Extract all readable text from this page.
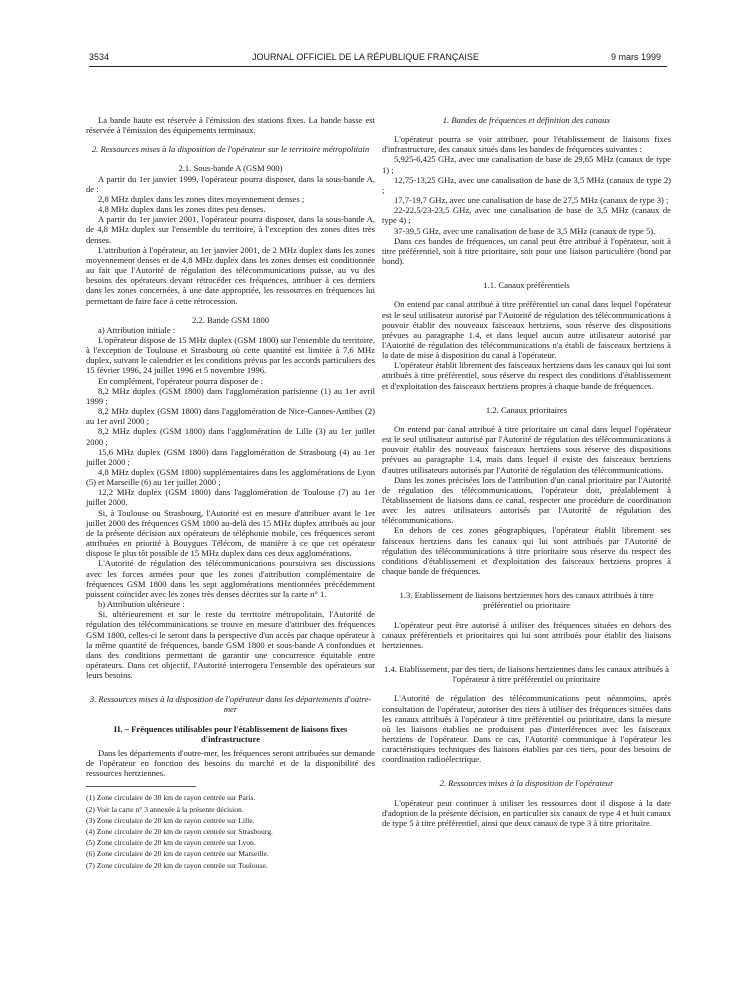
3534	JOURNAL OFFICIEL DE LA RÉPUBLIQUE FRANÇAISE	9 mars 1999

La bande haute est réservée à l'émission des stations fixes. La bande basse est réservée à l'émission des équipements terminaux.

2. Ressources mises à la disposition de l'opérateur sur le territoire métropolitain

2.1. Sous-bande A (GSM 900)

A partir du 1er janvier 1999, l'opérateur pourra disposer, dans la sous-bande A, de :

2,8 MHz duplex dans les zones dites moyennement denses ;

4,8 MHz duplex dans les zones dites peu denses.

A partir du 1er janvier 2001, l'opérateur pourra disposer, dans la sous-bande A, de 4,8 MHz duplex sur l'ensemble du territoire, à l'exception des zones dites très denses.

L'attribution à l'opérateur, au 1er janvier 2001, de 2 MHz duplex dans les zones moyennement denses et de 4,8 MHz duplex dans les zones denses est conditionnée au fait que l'Autorité de régulation des télécommunications puisse, au vu des besoins des opérateurs devant rétrocéder ces fréquences, attribuer à ces derniers dans les zones concernées, à une date appropriée, les ressources en fréquences lui permettant de faire face à cette rétrocession.

2.2. Bande GSM 1800

a) Attribution initiale :

L'opérateur dispose de 15 MHz duplex (GSM 1800) sur l'ensemble du territoire, à l'exception de Toulouse et Strasbourg où cette quantité est limitée à 7,6 MHz duplex, suivant le calendrier et les conditions prévus par les accords particuliers des 15 février 1996, 24 juillet 1996 et 5 novembre 1996.

En complément, l'opérateur pourra disposer de :

8,2 MHz duplex (GSM 1800) dans l'agglomération parisienne (1) au 1er avril 1999 ;

8,2 MHz duplex (GSM 1800) dans l'agglomération de Nice-Cannes-Antibes (2) au 1er avril 2000 ;

8,2 MHz duplex (GSM 1800) dans l'agglomération de Lille (3) au 1er juillet 2000 ;

15,6 MHz duplex (GSM 1800) dans l'agglomération de Strasbourg (4) au 1er juillet 2000 ;

4,8 MHz duplex (GSM 1800) supplémentaires dans les agglomérations de Lyon (5) et Marseille (6) au 1er juillet 2000 ;

12,2 MHz duplex (GSM 1800) dans l'agglomération de Toulouse (7) au 1er juillet 2000.

Si, à Toulouse ou Strasbourg, l'Autorité est en mesure d'attribuer avant le 1er juillet 2000 des fréquences GSM 1800 au-delà des 15 MHz duplex attribués au jour de la présente décision aux opérateurs de téléphonie mobile, ces fréquences seront attribuées en priorité à Bouygues Télécom, de manière à ce que cet opérateur dispose le plus tôt possible de 15 MHz duplex dans ces deux agglomérations.

L'Autorité de régulation des télécommunications poursuivra ses discussions avec les forces armées pour que les zones d'attribution complémentaire de fréquences GSM 1800 dans les sept agglomérations mentionnées précédemment puissent coïncider avec les zones très denses décrites sur la carte n° 1.

b) Attribution ultérieure :

Si, ultérieurement et sur le reste du territoire métropolitain, l'Autorité de régulation des télécommunications se trouve en mesure d'attribuer des fréquences GSM 1800, celles-ci le seront dans la perspective d'un accès par chaque opérateur à la même quantité de fréquences, bande GSM 1800 et sous-bande A confondues et dans des conditions permettant de garantir une concurrence équitable entre opérateurs. Dans cet objectif, l'Autorité interrogera l'ensemble des opérateurs sur leurs besoins.

3. Ressources mises à la disposition de l'opérateur dans les départements d'outre-mer

II. – Fréquences utilisables pour l'établissement de liaisons fixes d'infrastructure

Dans les départements d'outre-mer, les fréquences seront attribuées sur demande de l'opérateur en fonction des besoins du marché et de la disponibilité des ressources hertziennes.

(1) Zone circulaire de 30 km de rayon centrée sur Paris.

(2) Voir la carte n° 3 annexée à la présente décision.

(3) Zone circulaire de 20 km de rayon centrée sur Lille.

(4) Zone circulaire de 20 km de rayon centrée sur Strasbourg.

(5) Zone circulaire de 20 km de rayon centrée sur Lyon.

(6) Zone circulaire de 20 km de rayon centrée sur Marseille.

(7) Zone circulaire de 20 km de rayon centrée sur Toulouse.

1. Bandes de fréquences et définition des canaux

L'opérateur pourra se voir attribuer, pour l'établissement de liaisons fixes d'infrastructure, des canaux situés dans les bandes de fréquences suivantes :

5,925-6,425 GHz, avec une canalisation de base de 29,65 MHz (canaux de type 1) ;

12,75-13,25 GHz, avec une canalisation de base de 3,5 MHz (canaux de type 2) ;

17,7-19,7 GHz, avec une canalisation de base de 27,5 MHz (canaux de type 3) ;

22-22,5/23-23,5 GHz, avec une canalisation de base de 3,5 MHz (canaux de type 4) ;

37-39,5 GHz, avec une canalisation de base de 3,5 MHz (canaux de type 5).

Dans ces bandes de fréquences, un canal peut être attribué à l'opérateur, soit à titre préférentiel, soit à titre prioritaire, soit pour une liaison particulière (bond par bond).

1.1. Canaux préférentiels

On entend par canal attribué à titre préférentiel un canal dans lequel l'opérateur est le seul utilisateur autorisé par l'Autorité de régulation des télécommunications à pouvoir établir des nouveaux faisceaux hertziens, sous réserve des dispositions prévues au paragraphe 1.4, et dans lequel aucun autre utilisateur autorisé par l'Autorité de régulation des télécommunications n'a établi de faisceaux hertziens à la date de mise à disposition du canal à l'opérateur.

L'opérateur établit librement des faisceaux hertziens dans les canaux qui lui sont attribués à titre préférentiel, sous réserve du respect des conditions d'établissement et d'exploitation des faisceaux hertziens propres à chaque bande de fréquences.

1.2. Canaux prioritaires

On entend par canal attribué à titre prioritaire un canal dans lequel l'opérateur est le seul utilisateur autorisé par l'Autorité de régulation des télécommunications à pouvoir établir des nouveaux faisceaux hertziens sous réserve des dispositions prévues au paragraphe 1.4, mais dans lequel il existe des faisceaux hertziens d'autres utilisateurs autorisés par l'Autorité de régulation des télécommunications.

Dans les zones précisées lors de l'attribution d'un canal prioritaire par l'Autorité de régulation des télécommunications, l'opérateur doit, préalablement à l'établissement de liaisons dans ce canal, respecter une procédure de coordination avec les autres utilisateurs autorisés par l'Autorité de régulation des télécommunications.

En dehors de ces zones géographiques, l'opérateur établit librement ses faisceaux hertziens dans les canaux qui lui sont attribués par l'Autorité de régulation des télécommunications à titre prioritaire sous réserve du respect des conditions d'établissement et d'exploitation des faisceaux hertziens propres à chaque bande de fréquences.

1.3. Etablissement de liaisons hertziennes hors des canaux attribués à titre préférentiel ou prioritaire

L'opérateur peut être autorisé à utiliser des fréquences situées en dehors des canaux préférentiels et prioritaires qui lui sont attribués pour établir des liaisons hertziennes.

1.4. Etablissement, par des tiers, de liaisons hertziennes dans les canaux attribués à l'opérateur à titre préférentiel ou prioritaire

L'Autorité de régulation des télécommunications peut néanmoins, après consultation de l'opérateur, autoriser des tiers à utiliser des fréquences situées dans les canaux attribués à l'opérateur à titre préférentiel ou prioritaire, dans la mesure où les liaisons établies ne produisent pas d'interférences avec les faisceaux hertziens de l'opérateur. Dans ce cas, l'Autorité communique à l'opérateur les caractéristiques techniques des liaisons établies par ces tiers, pour des besoins de coordination radioélectrique.

2. Ressources mises à la disposition de l'opérateur

L'opérateur peut continuer à utiliser les ressources dont il dispose à la date d'adoption de la présente décision, en particulier six canaux de type 4 et huit canaux de type 5 à titre préférentiel, ainsi que deux canaux de type 3 à titre prioritaire.
